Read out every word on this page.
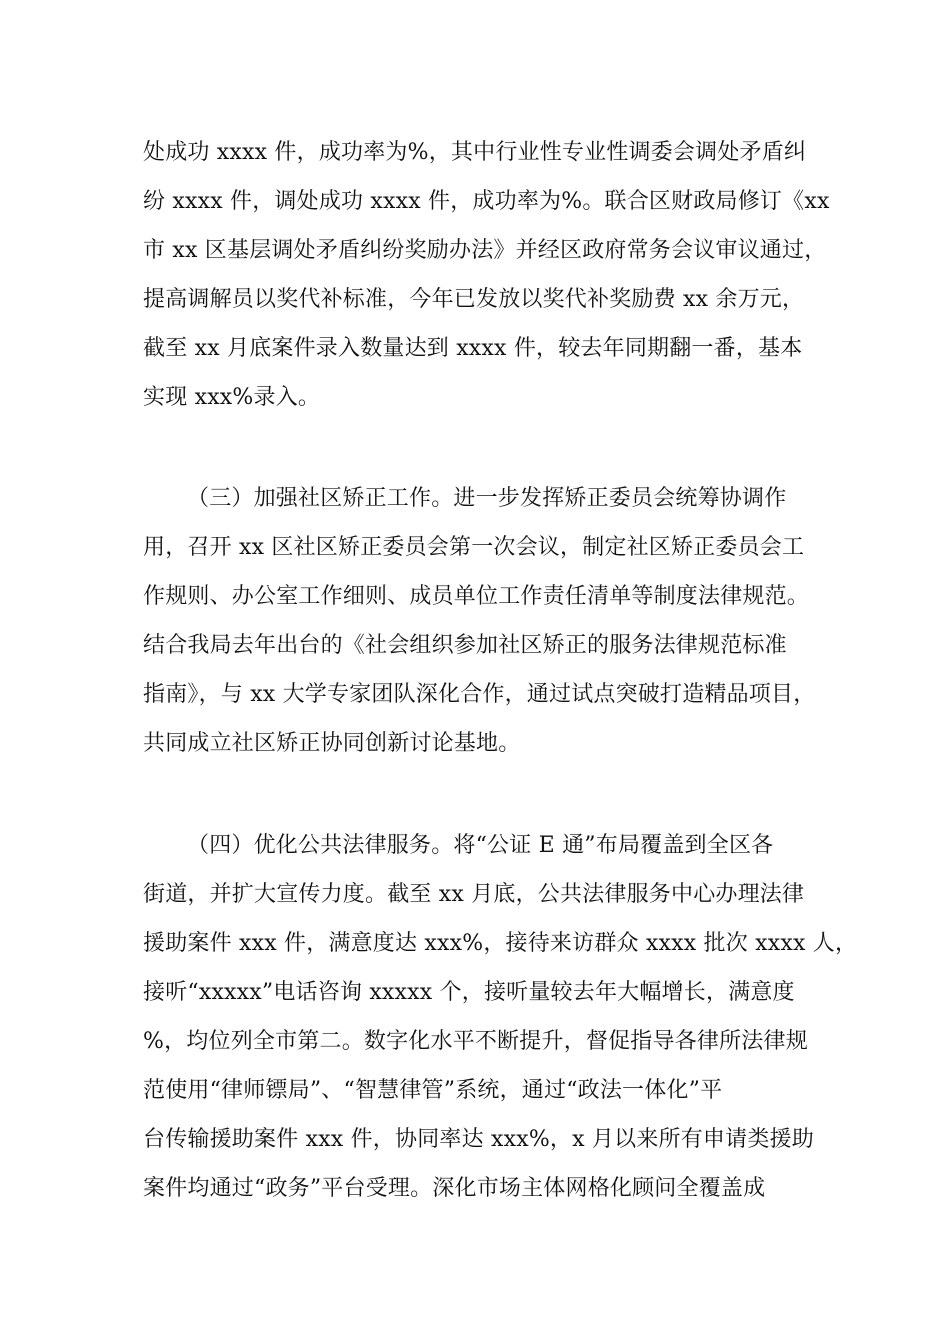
处成功 xxxx 件，成功率为%，其中行业性专业性调委会调处矛盾纠
纷 xxxx 件，调处成功 xxxx 件，成功率为%。联合区财政局修订《xx
市 xx 区基层调处矛盾纠纷奖励办法》并经区政府常务会议审议通过，
提高调解员以奖代补标准，今年已发放以奖代补奖励费 xx 余万元，
截至 xx 月底案件录入数量达到 xxxx 件，较去年同期翻一番，基本
实现 xxx%录入。
（三）加强社区矫正工作。进一步发挥矫正委员会统筹协调作
用，召开 xx 区社区矫正委员会第一次会议，制定社区矫正委员会工
作规则、办公室工作细则、成员单位工作责任清单等制度法律规范。
结合我局去年出台的《社会组织参加社区矫正的服务法律规范标准
指南》，与 xx 大学专家团队深化合作，通过试点突破打造精品项目，
共同成立社区矫正协同创新讨论基地。
（四）优化公共法律服务。将“公证 E 通”布局覆盖到全区各
街道，并扩大宣传力度。截至 xx 月底，公共法律服务中心办理法律
援助案件 xxx 件，满意度达 xxx%，接待来访群众 xxxx 批次 xxxx 人，
接听“xxxxx”电话咨询 xxxxx 个，接听量较去年大幅增长，满意度
%，均位列全市第二。数字化水平不断提升，督促指导各律所法律规
范使用“律师镖局”、“智慧律管”系统，通过“政法一体化”平
台传输援助案件 xxx 件，协同率达 xxx%，x 月以来所有申请类援助
案件均通过“政务”平台受理。深化市场主体网格化顾问全覆盖成
